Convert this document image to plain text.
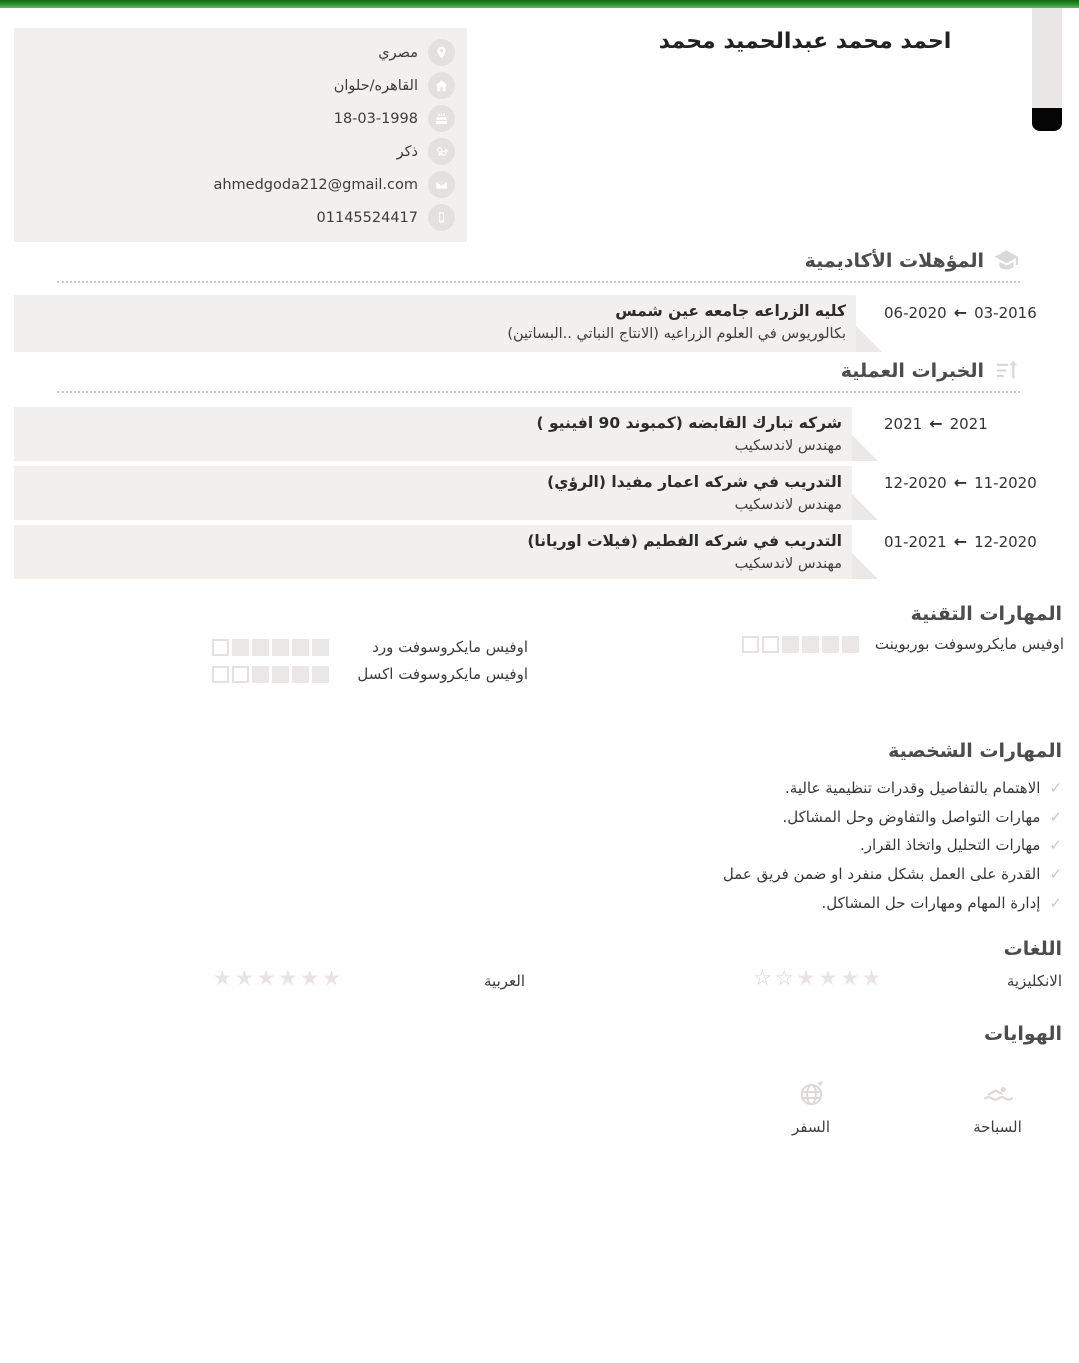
احمد محمد عبدالحميد محمد
مصري
القاهره/حلوان
18-03-1998
ذكر
ahmedgoda212@gmail.com
01145524417
المؤهلات الأكاديمية
كليه الزراعه جامعه عين شمس
بكالوريوس في العلوم الزراعيه (الانتاج النباتي ..البساتين)
03-2016←06-2020
الخبرات العملية
شركه تبارك القابضه (كمبوند 90 افينيو )
مهندس لاندسكيب
2021←2021
التدريب في شركه اعمار مفيدا (الرؤي)
مهندس لاندسكيب
11-2020←12-2020
التدريب في شركه الفطيم (فيلات اوريانا)
مهندس لاندسكيب
12-2020←01-2021
المهارات التقنية
اوفيس مايكروسوفت بوربوينت
اوفيس مايكروسوفت ورد
اوفيس مايكروسوفت اكسل
المهارات الشخصية
✓
الاهتمام بالتفاصيل وقدرات تنظيمية عالية.
✓
مهارات التواصل والتفاوض وحل المشاكل.
✓
مهارات التحليل واتخاذ القرار.
✓
القدرة على العمل بشكل منفرد او ضمن فريق عمل
✓
إدارة المهام ومهارات حل المشاكل.
اللغات
الانكليزية
★★★★☆☆
العربية
★★★★★★
الهوايات
السباحة
السفر
